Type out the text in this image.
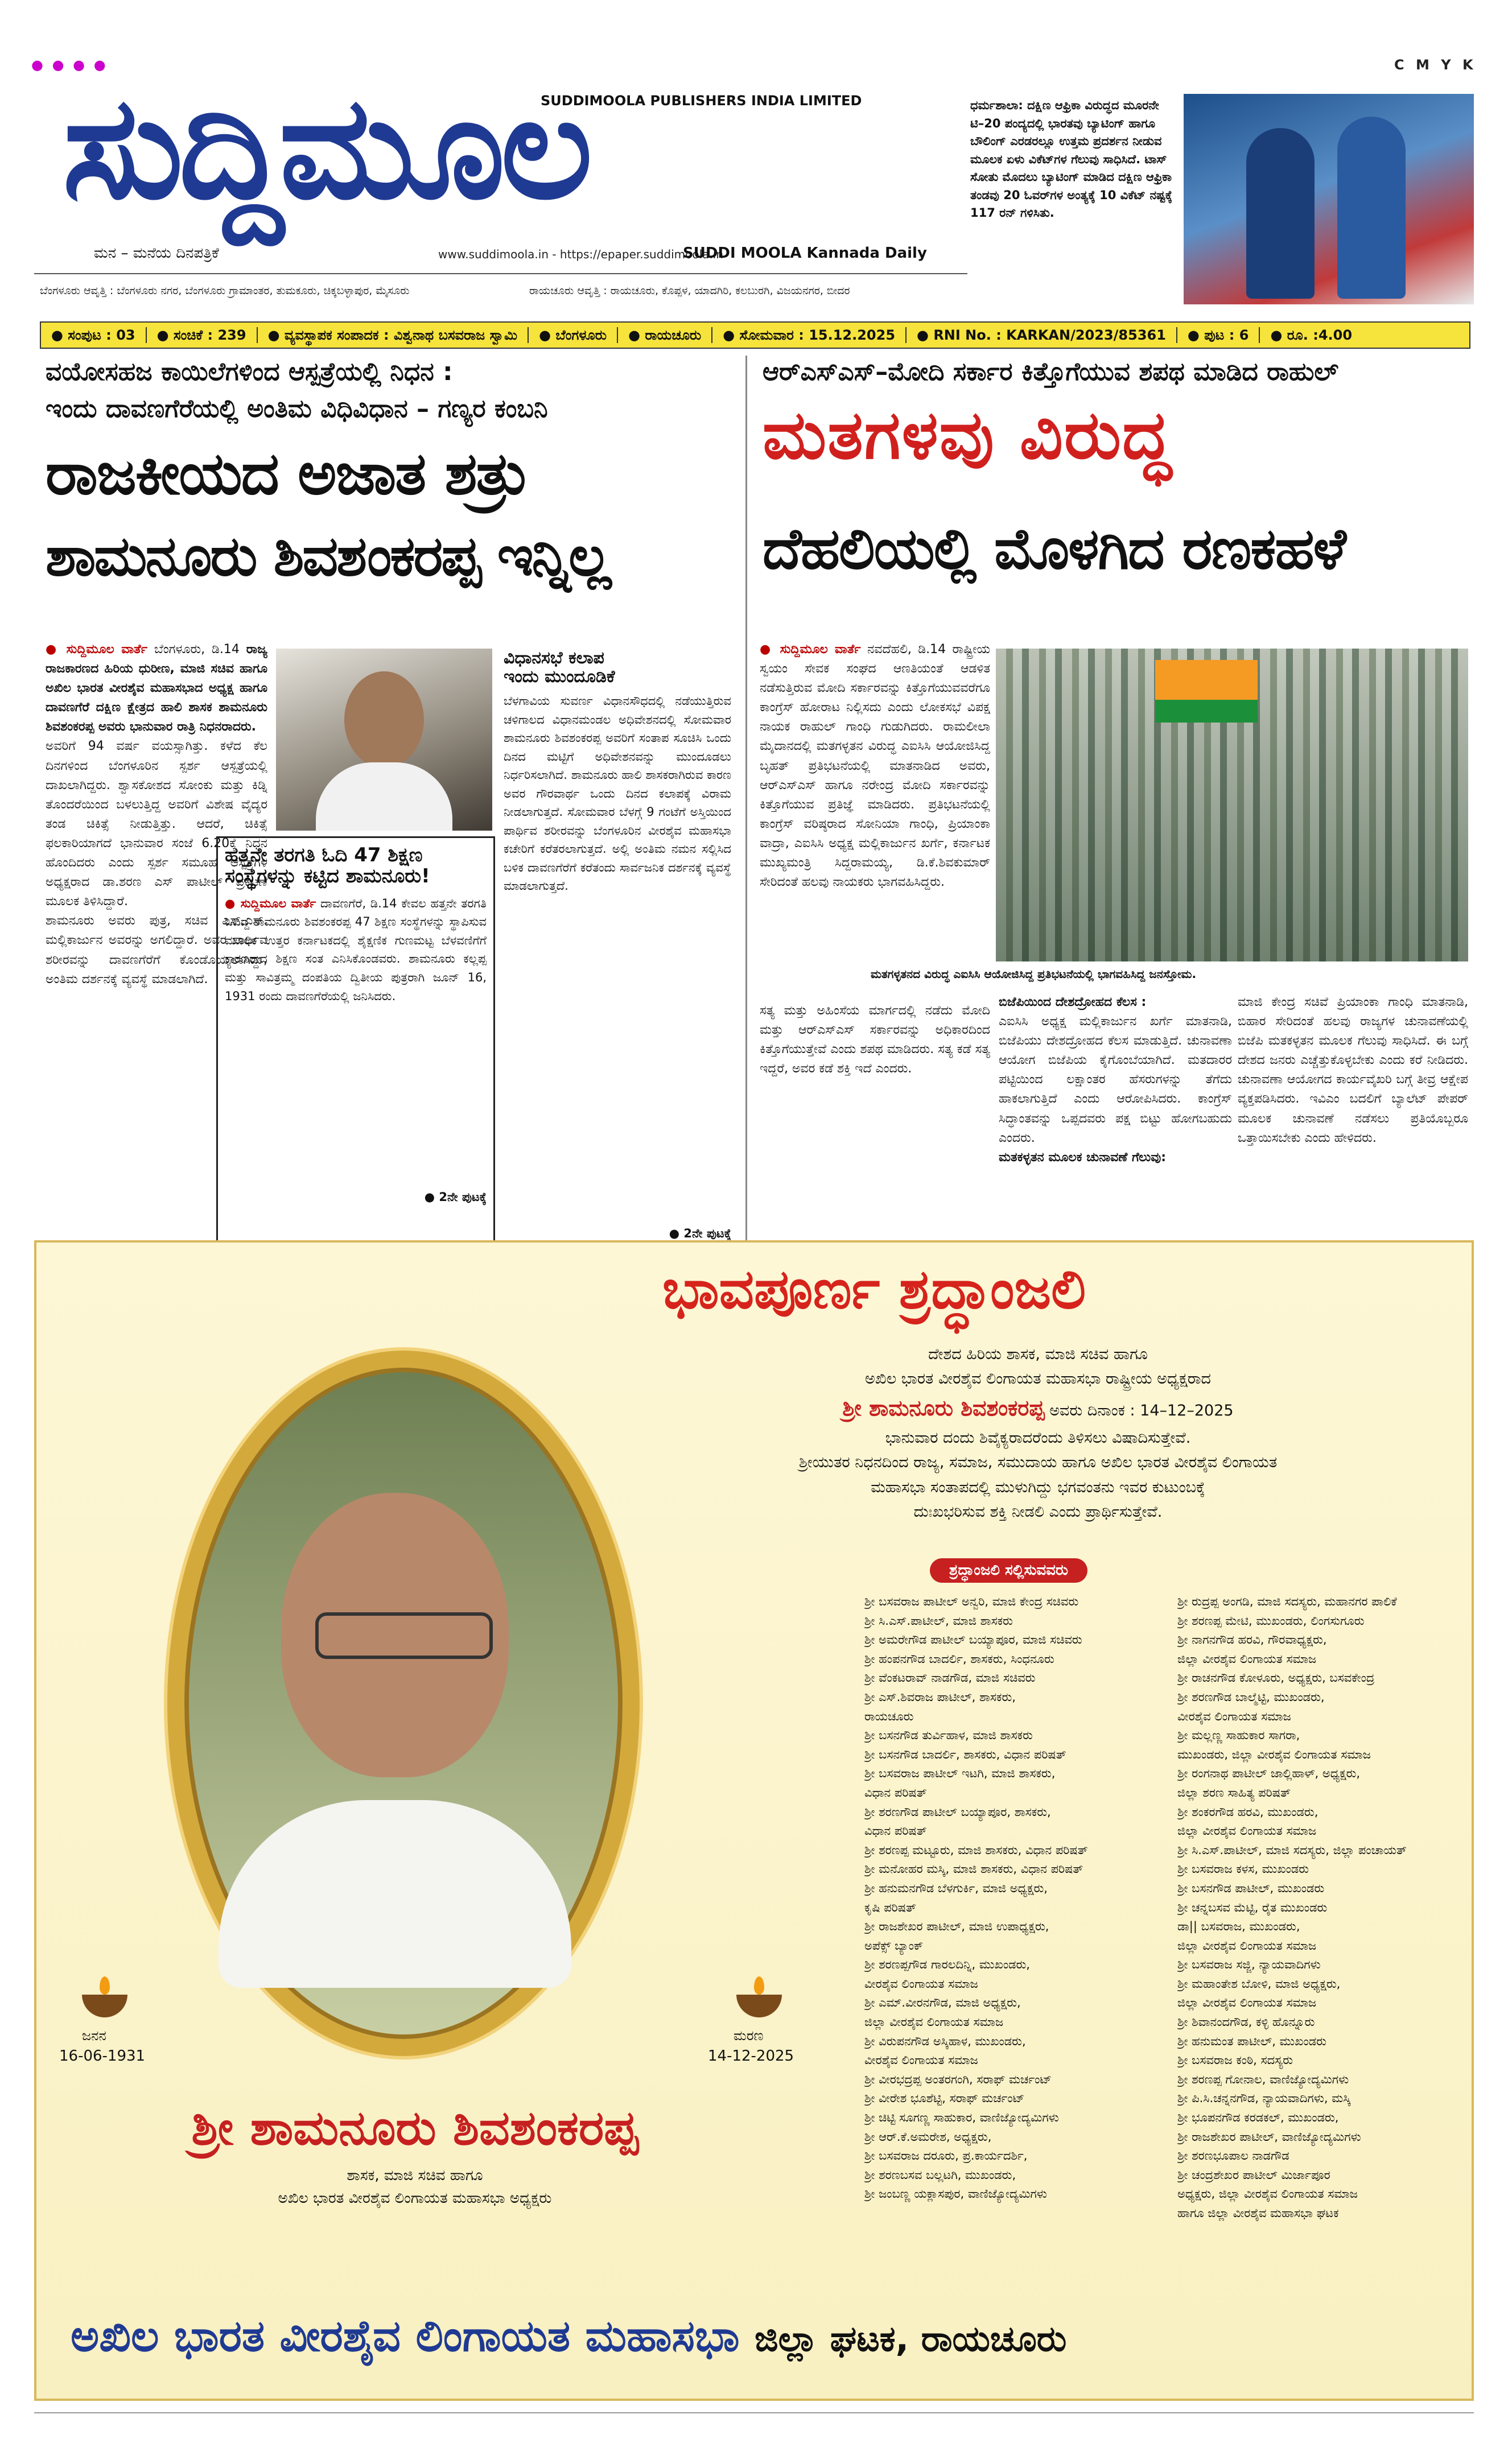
● ● ● ●	C M Y K
ಸುದ್ದಿಮೂಲ
SUDDIMOOLA PUBLISHERS INDIA LIMITED
ಮನ – ಮನೆಯ ದಿನಪತ್ರಿಕೆ	www.suddimoola.in - https://epaper.suddimoola.in
SUDDI MOOLA Kannada Daily
ಬೆಂಗಳೂರು ಆವೃತ್ತಿ : ಬೆಂಗಳೂರು ನಗರ, ಬೆಂಗಳೂರು ಗ್ರಾಮಾಂತರ, ತುಮಕೂರು, ಚಿಕ್ಕಬಳ್ಳಾಪುರ, ಮೈಸೂರು	ರಾಯಚೂರು ಆವೃತ್ತಿ : ರಾಯಚೂರು, ಕೊಪ್ಪಳ, ಯಾದಗಿರಿ, ಕಲಬುರಗಿ, ವಿಜಯನಗರ, ಬೀದರ
ಧರ್ಮಶಾಲಾ: ದಕ್ಷಿಣ ಆಫ್ರಿಕಾ ವಿರುದ್ಧದ ಮೂರನೇ ಟಿ–20 ಪಂದ್ಯದಲ್ಲಿ ಭಾರತವು ಬ್ಯಾಟಿಂಗ್ ಹಾಗೂ ಬೌಲಿಂಗ್ ಎರಡರಲ್ಲೂ ಉತ್ತಮ ಪ್ರದರ್ಶನ ನೀಡುವ ಮೂಲಕ ಏಳು ವಿಕೆಟ್‌ಗಳ ಗೆಲುವು ಸಾಧಿಸಿದೆ. ಟಾಸ್ ಸೋತು ಮೊದಲು ಬ್ಯಾಟಿಂಗ್ ಮಾಡಿದ ದಕ್ಷಿಣ ಆಫ್ರಿಕಾ ತಂಡವು 20 ಓವರ್‌ಗಳ ಅಂತ್ಯಕ್ಕೆ 10 ವಿಕೆಟ್ ನಷ್ಟಕ್ಕೆ 117 ರನ್ ಗಳಿಸಿತು.
● ಸಂಪುಟ : 03	● ಸಂಚಿಕೆ : 239	● ವ್ಯವಸ್ಥಾಪಕ ಸಂಪಾದಕ : ವಿಶ್ವನಾಥ ಬಸವರಾಜ ಸ್ವಾಮಿ	● ಬೆಂಗಳೂರು	● ರಾಯಚೂರು	● ಸೋಮವಾರ : 15.12.2025	● RNI No. : KARKAN/2023/85361	● ಪುಟ : 6	● ರೂ. :4.00
ವಯೋಸಹಜ ಕಾಯಿಲೆಗಳಿಂದ ಆಸ್ಪತ್ರೆಯಲ್ಲಿ ನಿಧನ :
ಇಂದು ದಾವಣಗೆರೆಯಲ್ಲಿ ಅಂತಿಮ ವಿಧಿವಿಧಾನ – ಗಣ್ಯರ ಕಂಬನಿ
ರಾಜಕೀಯದ ಅಜಾತ ಶತ್ರು
ಶಾಮನೂರು ಶಿವಶಂಕರಪ್ಪ ಇನ್ನಿಲ್ಲ
● ಸುದ್ದಿಮೂಲ ವಾರ್ತೆ ಬೆಂಗಳೂರು, ಡಿ.14 ರಾಜ್ಯ ರಾಜಕಾರಣದ ಹಿರಿಯ ಧುರೀಣ, ಮಾಜಿ ಸಚಿವ ಹಾಗೂ ಅಖಿಲ ಭಾರತ ವೀರಶೈವ ಮಹಾಸಭಾದ ಅಧ್ಯಕ್ಷ ಹಾಗೂ ದಾವಣಗೆರೆ ದಕ್ಷಿಣ ಕ್ಷೇತ್ರದ ಹಾಲಿ ಶಾಸಕ ಶಾಮನೂರು ಶಿವಶಂಕರಪ್ಪ ಅವರು ಭಾನುವಾರ ರಾತ್ರಿ ನಿಧನರಾದರು.
ಅವರಿಗೆ 94 ವರ್ಷ ವಯಸ್ಸಾಗಿತ್ತು. ಕಳೆದ ಕೆಲ ದಿನಗಳಿಂದ ಬೆಂಗಳೂರಿನ ಸ್ಪರ್ಶ ಆಸ್ಪತ್ರೆಯಲ್ಲಿ ದಾಖಲಾಗಿದ್ದರು. ಶ್ವಾಸಕೋಶದ ಸೋಂಕು ಮತ್ತು ಕಿಡ್ನಿ ತೊಂದರೆಯಿಂದ ಬಳಲುತ್ತಿದ್ದ ಅವರಿಗೆ ವಿಶೇಷ ವೈದ್ಯರ ತಂಡ ಚಿಕಿತ್ಸೆ ನೀಡುತ್ತಿತ್ತು. ಆದರೆ, ಚಿಕಿತ್ಸೆ ಫಲಕಾರಿಯಾಗದೆ ಭಾನುವಾರ ಸಂಜೆ 6.20ಕ್ಕೆ ನಿಧನ ಹೊಂದಿದರು ಎಂದು ಸ್ಪರ್ಶ ಸಮೂಹ ಆಸ್ಪತ್ರೆಗಳ ಅಧ್ಯಕ್ಷರಾದ ಡಾ.ಶರಣ ಎಸ್ ಪಾಟೀಲ್ ಪ್ರಕಟಣೆ ಮೂಲಕ ತಿಳಿಸಿದ್ದಾರೆ.
ಶಾಮನೂರು ಅವರು ಪುತ್ರ, ಸಚಿವ ಎಸ್.ಎಸ್. ಮಲ್ಲಿಕಾರ್ಜುನ ಅವರನ್ನು ಅಗಲಿದ್ದಾರೆ. ಅವರ ಪಾರ್ಥಿವ ಶರೀರವನ್ನು ದಾವಣಗೆರೆಗೆ ಕೊಂಡೊಯ್ಯಲಾಗಿದ್ದು, ಅಂತಿಮ ದರ್ಶನಕ್ಕೆ ವ್ಯವಸ್ಥೆ ಮಾಡಲಾಗಿದೆ.
ಹತ್ತನೇ ತರಗತಿ ಓದಿ 47 ಶಿಕ್ಷಣ ಸಂಸ್ಥೆಗಳನ್ನು ಕಟ್ಟಿದ ಶಾಮನೂರು!
● ಸುದ್ದಿಮೂಲ ವಾರ್ತೆ ದಾವಣಗೆರೆ, ಡಿ.14 ಕೇವಲ ಹತ್ತನೇ ತರಗತಿ ಓದಿದ್ದ ಶಾಮನೂರು ಶಿವಶಂಕರಪ್ಪ 47 ಶಿಕ್ಷಣ ಸಂಸ್ಥೆಗಳನ್ನು ಸ್ಥಾಪಿಸುವ ಮೂಲಕ ಉತ್ತರ ಕರ್ನಾಟಕದಲ್ಲಿ ಶೈಕ್ಷಣಿಕ ಗುಣಮಟ್ಟ ಬೆಳವಣಿಗೆಗೆ ಕಾರಣರಾದ ಶಿಕ್ಷಣ ಸಂತ ಎನಿಸಿಕೊಂಡವರು. ಶಾಮನೂರು ಕಲ್ಲಪ್ಪ ಮತ್ತು ಸಾವಿತ್ರಮ್ಮ ದಂಪತಿಯ ದ್ವಿತೀಯ ಪುತ್ರರಾಗಿ ಜೂನ್ 16, 1931 ರಂದು ದಾವಣಗೆರೆಯಲ್ಲಿ ಜನಿಸಿದರು.
● 2ನೇ ಪುಟಕ್ಕೆ
ವಿಧಾನಸಭೆ ಕಲಾಪ
ಇಂದು ಮುಂದೂಡಿಕೆ
ಬೆಳಗಾವಿಯ ಸುವರ್ಣ ವಿಧಾನಸೌಧದಲ್ಲಿ ನಡೆಯುತ್ತಿರುವ ಚಳಿಗಾಲದ ವಿಧಾನಮಂಡಲ ಅಧಿವೇಶನದಲ್ಲಿ ಸೋಮವಾರ ಶಾಮನೂರು ಶಿವಶಂಕರಪ್ಪ ಅವರಿಗೆ ಸಂತಾಪ ಸೂಚಿಸಿ ಒಂದು ದಿನದ ಮಟ್ಟಿಗೆ ಅಧಿವೇಶನವನ್ನು ಮುಂದೂಡಲು ನಿರ್ಧರಿಸಲಾಗಿದೆ. ಶಾಮನೂರು ಹಾಲಿ ಶಾಸಕರಾಗಿರುವ ಕಾರಣ ಅವರ ಗೌರವಾರ್ಥ ಒಂದು ದಿನದ ಕಲಾಪಕ್ಕೆ ವಿರಾಮ ನೀಡಲಾಗುತ್ತದೆ. ಸೋಮವಾರ ಬೆಳಗ್ಗೆ 9 ಗಂಟೆಗೆ ಅಸ್ತಿಯಿಂದ ಪಾರ್ಥಿವ ಶರೀರವನ್ನು ಬೆಂಗಳೂರಿನ ವೀರಶೈವ ಮಹಾಸಭಾ ಕಚೇರಿಗೆ ಕರೆತರಲಾಗುತ್ತದೆ. ಅಲ್ಲಿ ಅಂತಿಮ ನಮನ ಸಲ್ಲಿಸಿದ ಬಳಿಕ ದಾವಣಗೆರೆಗೆ ಕರೆತಂದು ಸಾರ್ವಜನಿಕ ದರ್ಶನಕ್ಕೆ ವ್ಯವಸ್ಥೆ ಮಾಡಲಾಗುತ್ತದೆ.
● 2ನೇ ಪುಟಕ್ಕೆ
ಆರ್‌ಎಸ್‌ಎಸ್–ಮೋದಿ ಸರ್ಕಾರ ಕಿತ್ತೊಗೆಯುವ ಶಪಥ ಮಾಡಿದ ರಾಹುಲ್
ಮತಗಳವು ವಿರುದ್ಧ
ದೆಹಲಿಯಲ್ಲಿ ಮೊಳಗಿದ ರಣಕಹಳೆ
● ಸುದ್ದಿಮೂಲ ವಾರ್ತೆ ನವದೆಹಲಿ, ಡಿ.14 ರಾಷ್ಟ್ರೀಯ ಸ್ವಯಂ ಸೇವಕ ಸಂಘದ ಆಣತಿಯಂತೆ ಆಡಳಿತ ನಡೆಸುತ್ತಿರುವ ಮೋದಿ ಸರ್ಕಾರವನ್ನು ಕಿತ್ತೊಗೆಯುವವರೆಗೂ ಕಾಂಗ್ರೆಸ್ ಹೋರಾಟ ನಿಲ್ಲಿಸದು ಎಂದು ಲೋಕಸಭೆ ವಿಪಕ್ಷ ನಾಯಕ ರಾಹುಲ್ ಗಾಂಧಿ ಗುಡುಗಿದರು. ರಾಮಲೀಲಾ ಮೈದಾನದಲ್ಲಿ ಮತಗಳ್ಳತನ ವಿರುದ್ಧ ಎಐಸಿಸಿ ಆಯೋಜಿಸಿದ್ದ ಬೃಹತ್ ಪ್ರತಿಭಟನೆಯಲ್ಲಿ ಮಾತನಾಡಿದ ಅವರು, ಆರ್‌ಎಸ್‌ಎಸ್ ಹಾಗೂ ನರೇಂದ್ರ ಮೋದಿ ಸರ್ಕಾರವನ್ನು ಕಿತ್ತೊಗೆಯುವ ಪ್ರತಿಜ್ಞೆ ಮಾಡಿದರು. ಪ್ರತಿಭಟನೆಯಲ್ಲಿ ಕಾಂಗ್ರೆಸ್ ವರಿಷ್ಠರಾದ ಸೋನಿಯಾ ಗಾಂಧಿ, ಪ್ರಿಯಾಂಕಾ ವಾದ್ರಾ, ಎಐಸಿಸಿ ಅಧ್ಯಕ್ಷ ಮಲ್ಲಿಕಾರ್ಜುನ ಖರ್ಗೆ, ಕರ್ನಾಟಕ ಮುಖ್ಯಮಂತ್ರಿ ಸಿದ್ದರಾಮಯ್ಯ, ಡಿ.ಕೆ.ಶಿವಕುಮಾರ್ ಸೇರಿದಂತೆ ಹಲವು ನಾಯಕರು ಭಾಗವಹಿಸಿದ್ದರು.
ಮತಗಳ್ಳತನದ ವಿರುದ್ಧ ಎಐಸಿಸಿ ಆಯೋಜಿಸಿದ್ದ ಪ್ರತಿಭಟನೆಯಲ್ಲಿ ಭಾಗವಹಿಸಿದ್ದ ಜನಸ್ತೋಮ.
ಸತ್ಯ ಮತ್ತು ಅಹಿಂಸೆಯ ಮಾರ್ಗದಲ್ಲಿ ನಡೆದು ಮೋದಿ ಮತ್ತು ಆರ್‌ಎಸ್‌ಎಸ್ ಸರ್ಕಾರವನ್ನು ಅಧಿಕಾರದಿಂದ ಕಿತ್ತೊಗೆಯುತ್ತೇವೆ ಎಂದು ಶಪಥ ಮಾಡಿದರು. ಸತ್ಯ ಕಡೆ ಸತ್ಯ ಇದ್ದರೆ, ಅವರ ಕಡೆ ಶಕ್ತಿ ಇದೆ ಎಂದರು.
ಬಿಜೆಪಿಯಿಂದ ದೇಶದ್ರೋಹದ ಕೆಲಸ :
ಎಐಸಿಸಿ ಅಧ್ಯಕ್ಷ ಮಲ್ಲಿಕಾರ್ಜುನ ಖರ್ಗೆ ಮಾತನಾಡಿ, ಬಿಜೆಪಿಯು ದೇಶದ್ರೋಹದ ಕೆಲಸ ಮಾಡುತ್ತಿದೆ. ಚುನಾವಣಾ ಆಯೋಗ ಬಿಜೆಪಿಯ ಕೈಗೊಂಬೆಯಾಗಿದೆ. ಮತದಾರರ ಪಟ್ಟಿಯಿಂದ ಲಕ್ಷಾಂತರ ಹೆಸರುಗಳನ್ನು ತೆಗೆದು ಹಾಕಲಾಗುತ್ತಿದೆ ಎಂದು ಆರೋಪಿಸಿದರು. ಕಾಂಗ್ರೆಸ್ ಸಿದ್ಧಾಂತವನ್ನು ಒಪ್ಪದವರು ಪಕ್ಷ ಬಿಟ್ಟು ಹೋಗಬಹುದು ಎಂದರು.
ಮತಕಳ್ಳತನ ಮೂಲಕ ಚುನಾವಣೆ ಗೆಲುವು:
ಮಾಜಿ ಕೇಂದ್ರ ಸಚಿವೆ ಪ್ರಿಯಾಂಕಾ ಗಾಂಧಿ ಮಾತನಾಡಿ, ಬಿಹಾರ ಸೇರಿದಂತೆ ಹಲವು ರಾಜ್ಯಗಳ ಚುನಾವಣೆಯಲ್ಲಿ ಬಿಜೆಪಿ ಮತಕಳ್ಳತನ ಮೂಲಕ ಗೆಲುವು ಸಾಧಿಸಿದೆ. ಈ ಬಗ್ಗೆ ದೇಶದ ಜನರು ಎಚ್ಚೆತ್ತುಕೊಳ್ಳಬೇಕು ಎಂದು ಕರೆ ನೀಡಿದರು. ಚುನಾವಣಾ ಆಯೋಗದ ಕಾರ್ಯವೈಖರಿ ಬಗ್ಗೆ ತೀವ್ರ ಆಕ್ಷೇಪ ವ್ಯಕ್ತಪಡಿಸಿದರು. ಇವಿಎಂ ಬದಲಿಗೆ ಬ್ಯಾಲೆಟ್ ಪೇಪರ್ ಮೂಲಕ ಚುನಾವಣೆ ನಡೆಸಲು ಪ್ರತಿಯೊಬ್ಬರೂ ಒತ್ತಾಯಿಸಬೇಕು ಎಂದು ಹೇಳಿದರು.
ಭಾವಪೂರ್ಣ ಶ್ರದ್ಧಾಂಜಲಿ
ದೇಶದ ಹಿರಿಯ ಶಾಸಕ, ಮಾಜಿ ಸಚಿವ ಹಾಗೂ
ಅಖಿಲ ಭಾರತ ವೀರಶೈವ ಲಿಂಗಾಯತ ಮಹಾಸಭಾ ರಾಷ್ಟ್ರೀಯ ಅಧ್ಯಕ್ಷರಾದ
ಶ್ರೀ ಶಾಮನೂರು ಶಿವಶಂಕರಪ್ಪ ಅವರು ದಿನಾಂಕ : 14–12–2025
ಭಾನುವಾರ ದಂದು ಶಿವೈಕ್ಯರಾದರೆಂದು ತಿಳಿಸಲು ವಿಷಾದಿಸುತ್ತೇವೆ.
ಶ್ರೀಯುತರ ನಿಧನದಿಂದ ರಾಜ್ಯ, ಸಮಾಜ, ಸಮುದಾಯ ಹಾಗೂ ಅಖಿಲ ಭಾರತ ವೀರಶೈವ ಲಿಂಗಾಯತ
ಮಹಾಸಭಾ ಸಂತಾಪದಲ್ಲಿ ಮುಳುಗಿದ್ದು ಭಗವಂತನು ಇವರ ಕುಟುಂಬಕ್ಕೆ
ದುಃಖಭರಿಸುವ ಶಕ್ತಿ ನೀಡಲಿ ಎಂದು ಪ್ರಾರ್ಥಿಸುತ್ತೇವೆ.
ಶ್ರದ್ಧಾಂಜಲಿ ಸಲ್ಲಿಸುವವರು
ಜನನ
16-06-1931
ಮರಣ
14-12-2025
ಶ್ರೀ ಶಾಮನೂರು ಶಿವಶಂಕರಪ್ಪ
ಶಾಸಕ, ಮಾಜಿ ಸಚಿವ ಹಾಗೂ
ಅಖಿಲ ಭಾರತ ವೀರಶೈವ ಲಿಂಗಾಯತ ಮಹಾಸಭಾ ಅಧ್ಯಕ್ಷರು
ಶ್ರೀ ಬಸವರಾಜ ಪಾಟೀಲ್ ಅನ್ವರಿ, ಮಾಜಿ ಕೇಂದ್ರ ಸಚಿವರು
ಶ್ರೀ ಸಿ.ಎಸ್.ಪಾಟೀಲ್, ಮಾಜಿ ಶಾಸಕರು
ಶ್ರೀ ಅಮರೇಗೌಡ ಪಾಟೀಲ್ ಬಯ್ಯಾಪೂರ, ಮಾಜಿ ಸಚಿವರು
ಶ್ರೀ ಹಂಪನಗೌಡ ಬಾದರ್ಲಿ, ಶಾಸಕರು, ಸಿಂಧನೂರು
ಶ್ರೀ ವೆಂಕಟರಾವ್ ನಾಡಗೌಡ, ಮಾಜಿ ಸಚಿವರು
ಶ್ರೀ ಎಸ್.ಶಿವರಾಜ ಪಾಟೀಲ್, ಶಾಸಕರು,
ರಾಯಚೂರು
ಶ್ರೀ ಬಸನಗೌಡ ತುರ್ವಿಹಾಳ, ಮಾಜಿ ಶಾಸಕರು
ಶ್ರೀ ಬಸನಗೌಡ ಬಾದರ್ಲಿ, ಶಾಸಕರು, ವಿಧಾನ ಪರಿಷತ್
ಶ್ರೀ ಬಸವರಾಜ ಪಾಟೀಲ್ ಇಟಗಿ, ಮಾಜಿ ಶಾಸಕರು,
ವಿಧಾನ ಪರಿಷತ್
ಶ್ರೀ ಶರಣಗೌಡ ಪಾಟೀಲ್ ಬಯ್ಯಾಪೂರ, ಶಾಸಕರು,
ವಿಧಾನ ಪರಿಷತ್
ಶ್ರೀ ಶರಣಪ್ಪ ಮಟ್ಟೂರು, ಮಾಜಿ ಶಾಸಕರು, ವಿಧಾನ ಪರಿಷತ್
ಶ್ರೀ ಮನೋಹರ ಮಸ್ಕಿ, ಮಾಜಿ ಶಾಸಕರು, ವಿಧಾನ ಪರಿಷತ್
ಶ್ರೀ ಹನುಮನಗೌಡ ಬೆಳಗುರ್ಕಿ, ಮಾಜಿ ಅಧ್ಯಕ್ಷರು,
ಕೃಷಿ ಪರಿಷತ್
ಶ್ರೀ ರಾಜಶೇಖರ ಪಾಟೀಲ್, ಮಾಜಿ ಉಪಾಧ್ಯಕ್ಷರು,
ಅಪೆಕ್ಸ್ ಬ್ಯಾಂಕ್
ಶ್ರೀ ಶರಣಪ್ಪಗೌಡ ಗಾರಲದಿನ್ನಿ, ಮುಖಂಡರು,
ವೀರಶೈವ ಲಿಂಗಾಯತ ಸಮಾಜ
ಶ್ರೀ ಎಮ್.ವೀರನಗೌಡ, ಮಾಜಿ ಅಧ್ಯಕ್ಷರು,
ಜಿಲ್ಲಾ ವೀರಶೈವ ಲಿಂಗಾಯತ ಸಮಾಜ
ಶ್ರೀ ವಿರುಪನಗೌಡ ಅಸ್ಕಿಹಾಳ, ಮುಖಂಡರು,
ವೀರಶೈವ ಲಿಂಗಾಯತ ಸಮಾಜ
ಶ್ರೀ ವೀರಭದ್ರಪ್ಪ ಅಂತರಗಂಗಿ, ಸರಾಫ್ ಮರ್ಚಂಟ್
ಶ್ರೀ ವೀರೇಶ ಭೂಶೆಟ್ಟಿ, ಸರಾಫ್ ಮರ್ಚಂಟ್
ಶ್ರೀ ಚಿಟ್ಟಿ ಸೂಗಣ್ಣ ಸಾಹುಕಾರ, ವಾಣಿಜ್ಯೋದ್ಯಮಿಗಳು
ಶ್ರೀ ಆರ್.ಕೆ.ಅಮರೇಶ, ಅಧ್ಯಕ್ಷರು,
ಶ್ರೀ ಬಸವರಾಜ ದರೂರು, ಪ್ರ.ಕಾರ್ಯದರ್ಶಿ,
ಶ್ರೀ ಶರಣಬಸವ ಬಲ್ಲಟಗಿ, ಮುಖಂಡರು,
ಶ್ರೀ ಜಂಬಣ್ಣ ಯಕ್ಲಾಸಪುರ, ವಾಣಿಜ್ಯೋದ್ಯಮಿಗಳು
ಶ್ರೀ ರುದ್ರಪ್ಪ ಅಂಗಡಿ, ಮಾಜಿ ಸದಸ್ಯರು, ಮಹಾನಗರ ಪಾಲಿಕೆ
ಶ್ರೀ ಶರಣಪ್ಪ ಮೇಟಿ, ಮುಖಂಡರು, ಲಿಂಗಸುಗೂರು
ಶ್ರೀ ನಾಗನಗೌಡ ಹರವಿ, ಗೌರವಾಧ್ಯಕ್ಷರು,
ಜಿಲ್ಲಾ ವೀರಶೈವ ಲಿಂಗಾಯತ ಸಮಾಜ
ಶ್ರೀ ರಾಚನಗೌಡ ಕೋಳೂರು, ಅಧ್ಯಕ್ಷರು, ಬಸವಕೇಂದ್ರ
ಶ್ರೀ ಶರಣಗೌಡ ಬಾಲ್ಮೆಟ್ಟಿ, ಮುಖಂಡರು,
ವೀರಶೈವ ಲಿಂಗಾಯತ ಸಮಾಜ
ಶ್ರೀ ಮಲ್ಲಣ್ಣ ಸಾಹುಕಾರ ಸಾಗರಾ,
ಮುಖಂಡರು, ಜಿಲ್ಲಾ ವೀರಶೈವ ಲಿಂಗಾಯತ ಸಮಾಜ
ಶ್ರೀ ರಂಗನಾಥ ಪಾಟೀಲ್ ಜಾಲ್ಲಿಹಾಳ್, ಅಧ್ಯಕ್ಷರು,
ಜಿಲ್ಲಾ ಶರಣ ಸಾಹಿತ್ಯ ಪರಿಷತ್
ಶ್ರೀ ಶಂಕರಗೌಡ ಹರವಿ, ಮುಖಂಡರು,
ಜಿಲ್ಲಾ ವೀರಶೈವ ಲಿಂಗಾಯತ ಸಮಾಜ
ಶ್ರೀ ಸಿ.ಎಸ್.ಪಾಟೀಲ್, ಮಾಜಿ ಸದಸ್ಯರು, ಜಿಲ್ಲಾ ಪಂಚಾಯತ್
ಶ್ರೀ ಬಸವರಾಜ ಕಳಸ, ಮುಖಂಡರು
ಶ್ರೀ ಬಸನಗೌಡ ಪಾಟೀಲ್, ಮುಖಂಡರು
ಶ್ರೀ ಚನ್ನಬಸವ ಮೆಟ್ಟಿ, ರೈತ ಮುಖಂಡರು
ಡಾ|| ಬಸವರಾಜ, ಮುಖಂಡರು,
ಜಿಲ್ಲಾ ವೀರಶೈವ ಲಿಂಗಾಯತ ಸಮಾಜ
ಶ್ರೀ ಬಸವರಾಜ ಸಜ್ಜಿ, ನ್ಯಾಯವಾದಿಗಳು
ಶ್ರೀ ಮಹಾಂತೇಶ ಬೋಳಿ, ಮಾಜಿ ಅಧ್ಯಕ್ಷರು,
ಜಿಲ್ಲಾ ವೀರಶೈವ ಲಿಂಗಾಯತ ಸಮಾಜ
ಶ್ರೀ ಶಿವಾನಂದಗೌಡ, ಕಳ್ಳಿ ಹೊನ್ನೂರು
ಶ್ರೀ ಹನುಮಂತ ಪಾಟೀಲ್, ಮುಖಂಡರು
ಶ್ರೀ ಬಸವರಾಜ ಕಂಠಿ, ಸದಸ್ಯರು
ಶ್ರೀ ಶರಣಪ್ಪ ಗೋನಾಲ, ವಾಣಿಜ್ಯೋದ್ಯಮಿಗಳು
ಶ್ರೀ ಪಿ.ಸಿ.ಚನ್ನನಗೌಡ, ನ್ಯಾಯವಾದಿಗಳು, ಮಸ್ಕಿ
ಶ್ರೀ ಭೂಪನಗೌಡ ಕರಡಕಲ್, ಮುಖಂಡರು,
ಶ್ರೀ ರಾಜಶೇಖರ ಪಾಟೀಲ್, ವಾಣಿಜ್ಯೋದ್ಯಮಿಗಳು
ಶ್ರೀ ಶರಣಭೂಪಾಲ ನಾಡಗೌಡ
ಶ್ರೀ ಚಂದ್ರಶೇಖರ ಪಾಟೀಲ್ ಮಿರ್ಜಾಪೂರ
ಅಧ್ಯಕ್ಷರು, ಜಿಲ್ಲಾ ವೀರಶೈವ ಲಿಂಗಾಯತ ಸಮಾಜ
ಹಾಗೂ ಜಿಲ್ಲಾ ವೀರಶೈವ ಮಹಾಸಭಾ ಘಟಕ
ಅಖಿಲ ಭಾರತ ವೀರಶೈವ ಲಿಂಗಾಯತ ಮಹಾಸಭಾ ಜಿಲ್ಲಾ ಘಟಕ, ರಾಯಚೂರು
